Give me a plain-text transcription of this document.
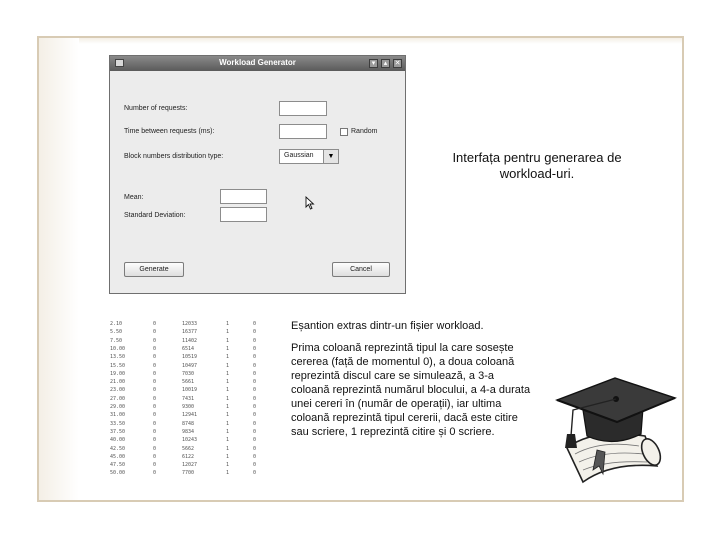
Workload Generator	▾	▴	✕
Number of requests:
Time between requests (ms):	Random
Block numbers distribution type:	Gaussian	▼
Mean:
Standard Deviation:
Generate	Cancel
Interfața pentru generarea de
workload-uri.
2.10	0	12033	1	0
5.50	0	16377	1	0
7.50	0	11402	1	0
10.00	0	6514	1	0
13.50	0	10519	1	0
15.50	0	10497	1	0
19.00	0	7030	1	0
21.00	0	5661	1	0
23.00	0	10019	1	0
27.00	0	7431	1	0
29.00	0	9300	1	0
31.00	0	12941	1	0
33.50	0	8748	1	0
37.50	0	9834	1	0
40.00	0	10243	1	0
42.50	0	5662	1	0
45.00	0	6122	1	0
47.50	0	12027	1	0
50.00	0	7700	1	0

Eșantion extras dintr-un fișier workload.

Prima coloană reprezintă tipul la care sosește cererea (față de momentul 0), a doua coloană reprezintă discul care se simulează, a 3-a coloană reprezintă numărul blocului, a 4-a durata unei cereri în (număr de operații), iar ultima coloană reprezintă tipul cererii, dacă este citire sau scriere, 1 reprezintă citire și 0 scriere.
